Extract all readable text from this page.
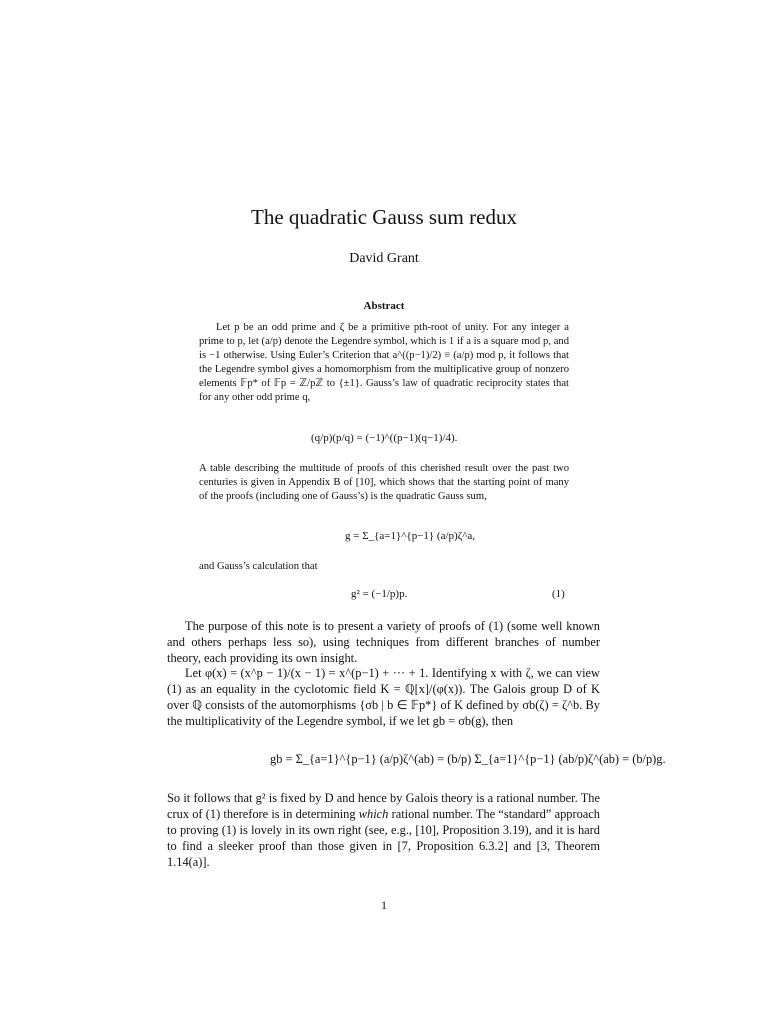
The quadratic Gauss sum redux
David Grant
Abstract

Let p be an odd prime and ζ be a primitive pth-root of unity. For any integer a prime to p, let (a/p) denote the Legendre symbol, which is 1 if a is a square mod p, and is −1 otherwise. Using Euler’s Criterion that a^((p−1)/2) ≡ (a/p) mod p, it follows that the Legendre symbol gives a homomorphism from the multiplicative group of nonzero elements 𝔽p* of 𝔽p = ℤ/pℤ to {±1}. Gauss’s law of quadratic reciprocity states that for any other odd prime q,

(q/p)(p/q) = (−1)^((p−1)(q−1)/4).

A table describing the multitude of proofs of this cherished result over the past two centuries is given in Appendix B of [10], which shows that the starting point of many of the proofs (including one of Gauss’s) is the quadratic Gauss sum,

g = Σ_{a=1}^{p−1} (a/p)ζ^a,

and Gauss’s calculation that

g² = (−1/p)p.	(1)

The purpose of this note is to present a variety of proofs of (1) (some well known and others perhaps less so), using techniques from different branches of number theory, each providing its own insight.

Let φ(x) = (x^p − 1)/(x − 1) = x^(p−1) + ··· + 1. Identifying x with ζ, we can view (1) as an equality in the cyclotomic field K = ℚ[x]/(φ(x)). The Galois group D of K over ℚ consists of the automorphisms {σb | b ∈ 𝔽p*} of K defined by σb(ζ) = ζ^b. By the multiplicativity of the Legendre symbol, if we let gb = σb(g), then

gb = Σ_{a=1}^{p−1} (a/p)ζ^(ab) = (b/p) Σ_{a=1}^{p−1} (ab/p)ζ^(ab) = (b/p)g.

So it follows that g² is fixed by D and hence by Galois theory is a rational number. The crux of (1) therefore is in determining which rational number. The “standard” approach to proving (1) is lovely in its own right (see, e.g., [10], Proposition 3.19), and it is hard to find a sleeker proof than those given in [7, Proposition 6.3.2] and [3, Theorem 1.14(a)].

1
